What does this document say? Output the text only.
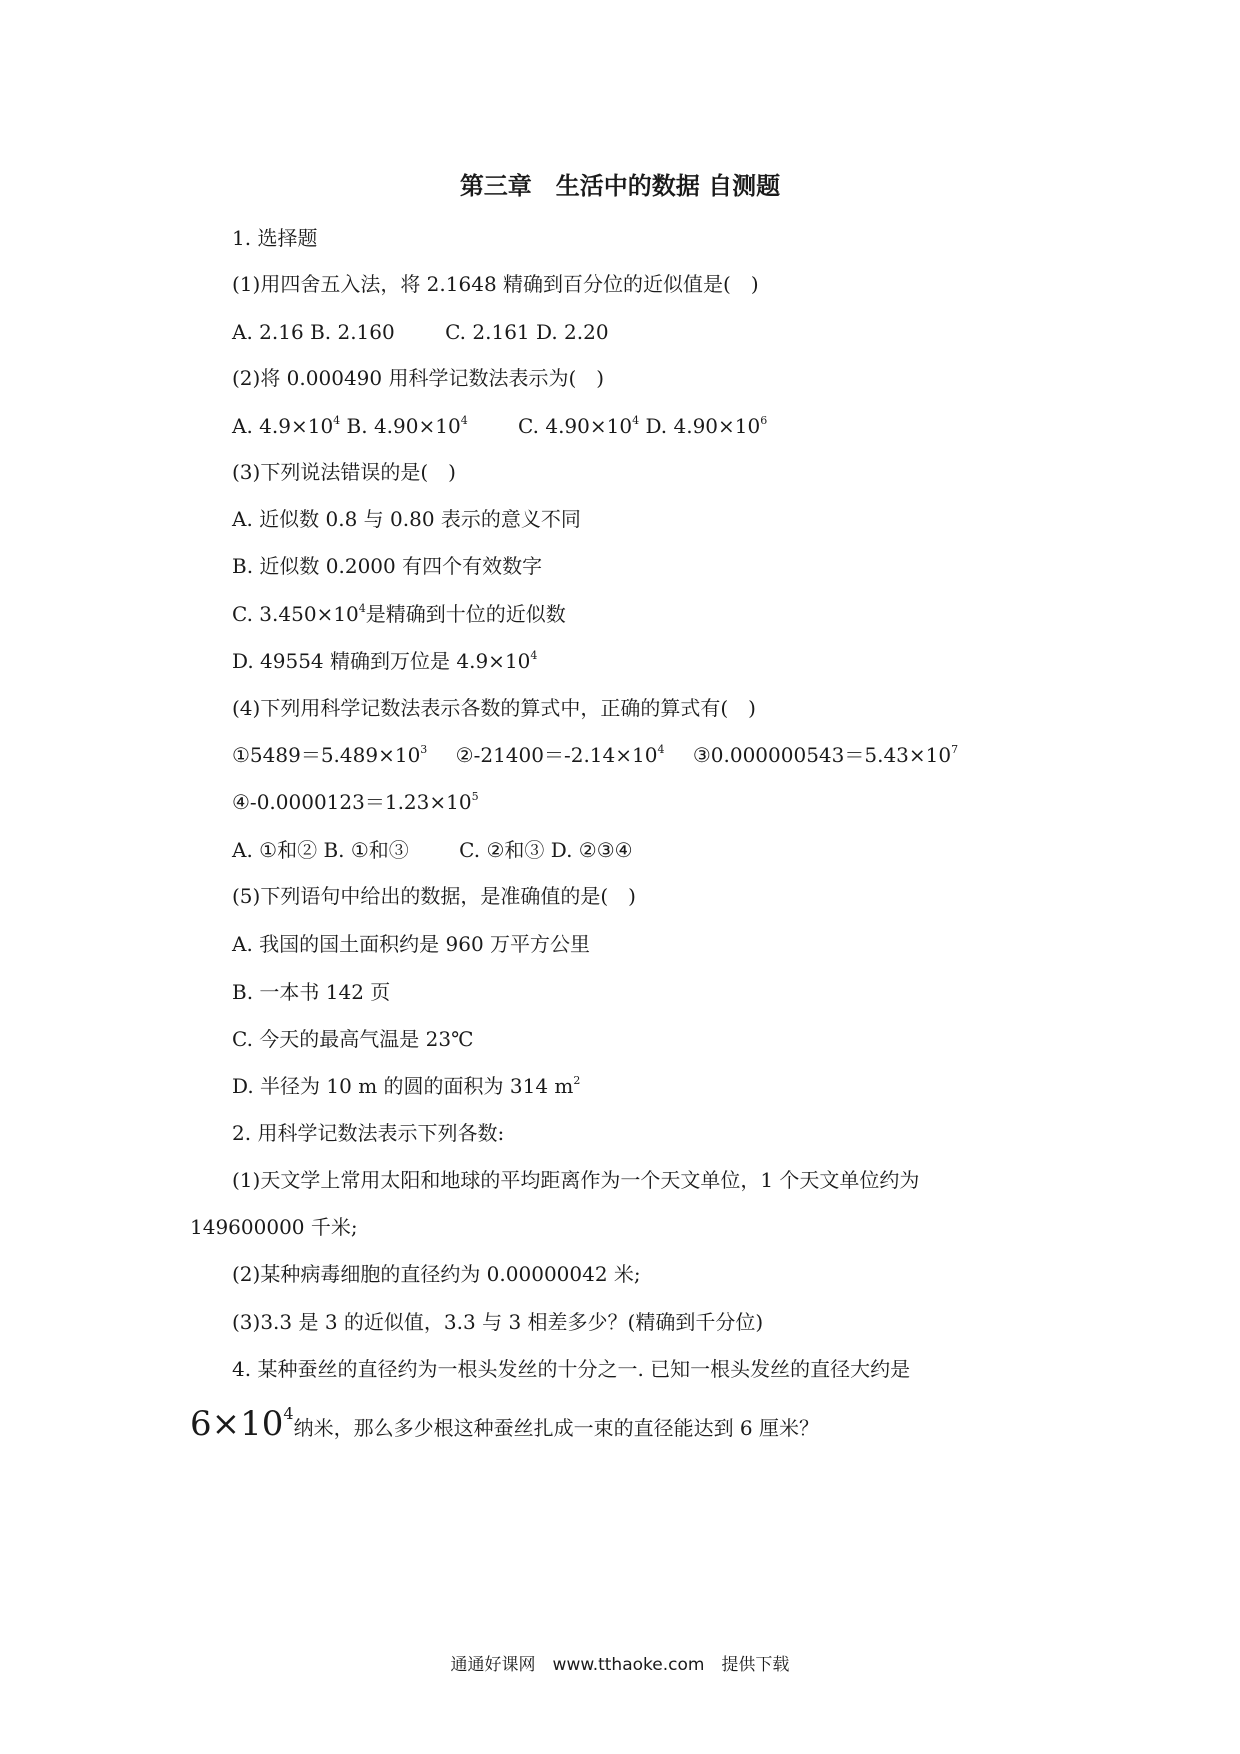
第三章　生活中的数据 自测题
1. 选择题
(1)用四舍五入法，将 2.1648 精确到百分位的近似值是(　)
A. 2.16 B. 2.160	C. 2.161 D. 2.20
(2)将 0.000490 用科学记数法表示为(　)
A. $4.9\times 10^4$ B. $4.90\times 10^4$	C. $4.90\times 10^4$ D. $4.90\times 10^6$
(3)下列说法错误的是(　)
A. 近似数 0.8 与 0.80 表示的意义不同
B. 近似数 0.2000 有四个有效数字
C. $3.450\times 10^4$是精确到十位的近似数
D. 49554 精确到万位是 $4.9\times 10^4$
(4)下列用科学记数法表示各数的算式中，正确的算式有(　)
$①5489=5.489\times 10^3$ $②-21400=-2.14\times 10^4$ $③0.000000543=5.43\times 10^7$
$④-0.0000123=1.23\times 10^5$
A. ①和② B. ①和③	C. ②和③ D. ②③④
(5)下列语句中给出的数据，是准确值的是(　)
A. 我国的国土面积约是 960 万平方公里
B. 一本书 142 页
C. 今天的最高气温是 23℃
D. 半径为 10 m 的圆的面积为 314 $m^2$
2. 用科学记数法表示下列各数:
(1)天文学上常用太阳和地球的平均距离作为一个天文单位，1 个天文单位约为
149600000 千米;
(2)某种病毒细胞的直径约为 0.00000042 米;
(3)3.3 是 3 的近似值，3.3 与 3 相差多少？(精确到千分位)
4. 某种蚕丝的直径约为一根头发丝的十分之一. 已知一根头发丝的直径大约是
$6\times 10^4$纳米，那么多少根这种蚕丝扎成一束的直径能达到 6 厘米？
通通好课网　www.tthaoke.com　提供下载
